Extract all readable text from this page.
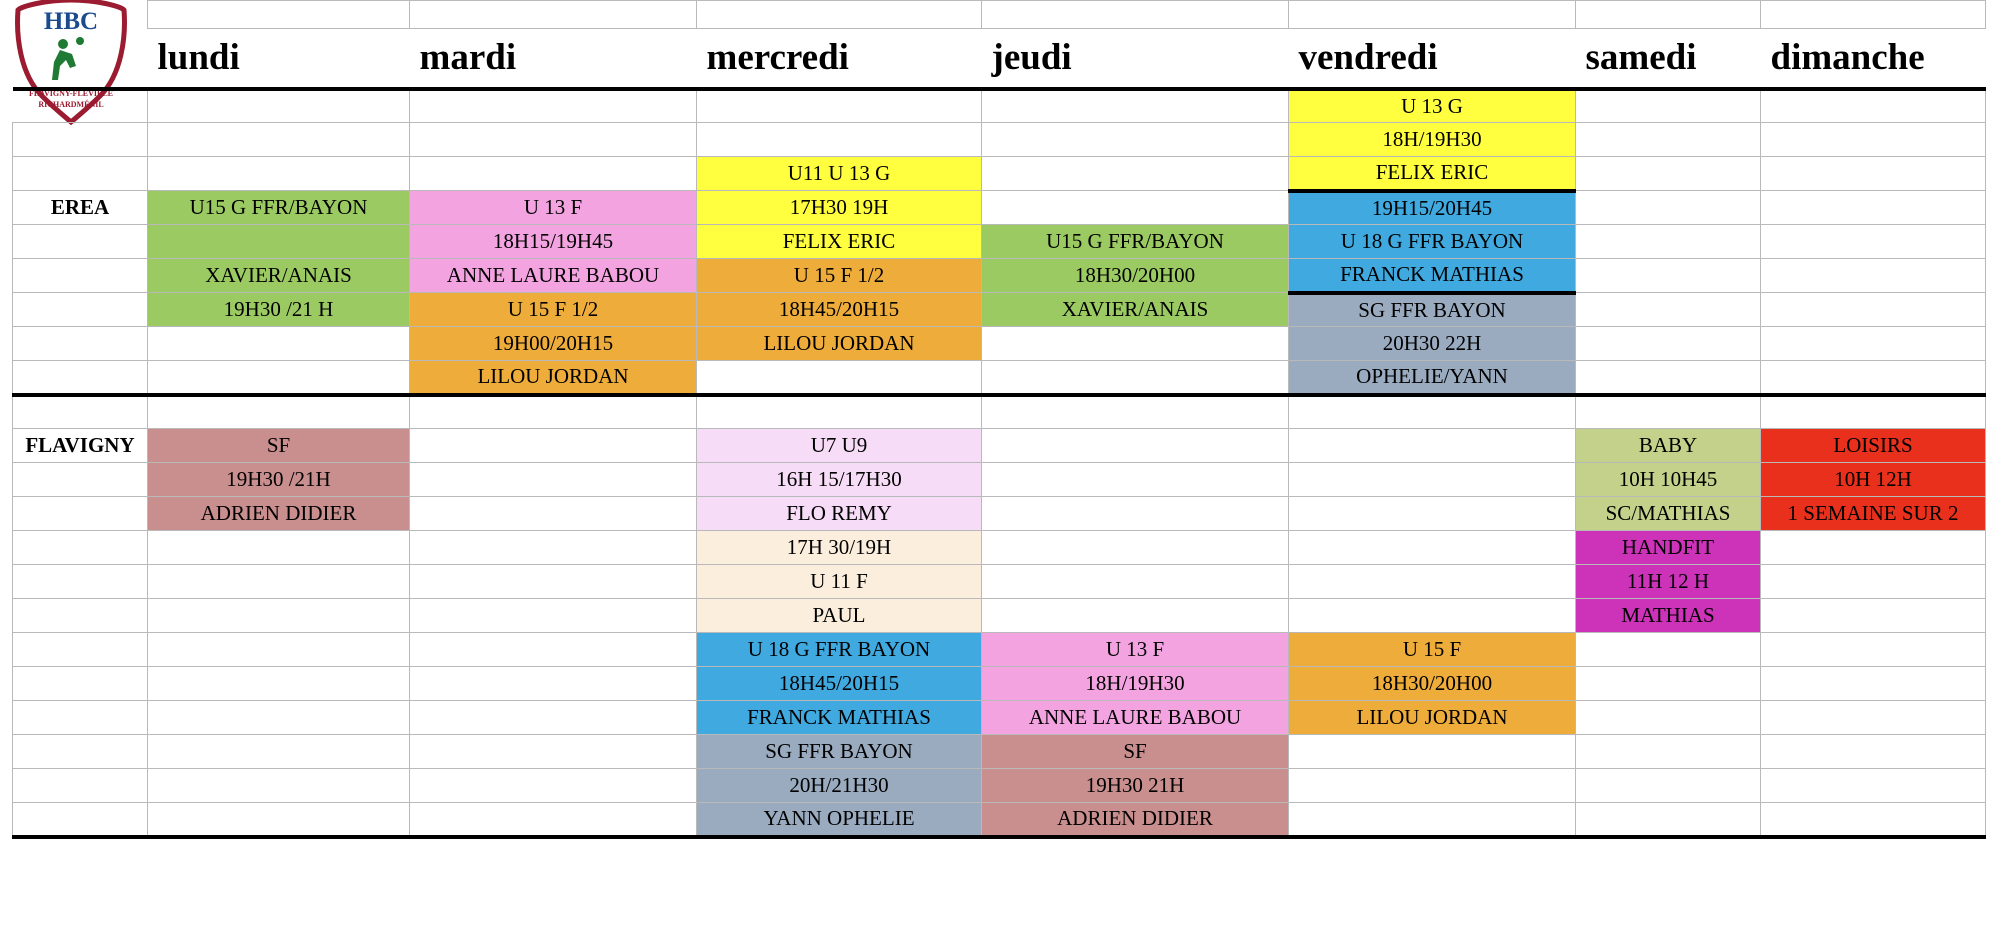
HBC
FLAVIGNY-FLÉVILLE
RICHARDMÉNIL

	lundi	mardi	mercredi	jeudi	vendredi	samedi	dimanche
					U 13 G		
					18H/19H30		
			U11 U 13 G		FELIX ERIC		
EREA	U15 G FFR/BAYON	U 13 F	17H30 19H		19H15/20H45		
		18H15/19H45	FELIX ERIC	U15 G FFR/BAYON	U 18 G FFR BAYON		
	XAVIER/ANAIS	ANNE LAURE BABOU	U 15 F 1/2	18H30/20H00	FRANCK MATHIAS		
	19H30 /21 H	U 15 F 1/2	18H45/20H15	XAVIER/ANAIS	SG FFR BAYON		
		19H00/20H15	LILOU JORDAN		20H30 22H		
		LILOU JORDAN			OPHELIE/YANN		

FLAVIGNY	SF		U7 U9			BABY	LOISIRS
	19H30 /21H		16H 15/17H30			10H 10H45	10H 12H
	ADRIEN DIDIER		FLO REMY			SC/MATHIAS	1 SEMAINE SUR 2
			17H 30/19H			HANDFIT	
			U 11 F			11H 12 H	
			PAUL			MATHIAS	
			U 18 G FFR BAYON	U 13 F	U 15 F		
			18H45/20H15	18H/19H30	18H30/20H00		
			FRANCK MATHIAS	ANNE LAURE BABOU	LILOU JORDAN		
			SG FFR BAYON	SF			
			20H/21H30	19H30 21H			
			YANN OPHELIE	ADRIEN DIDIER			
